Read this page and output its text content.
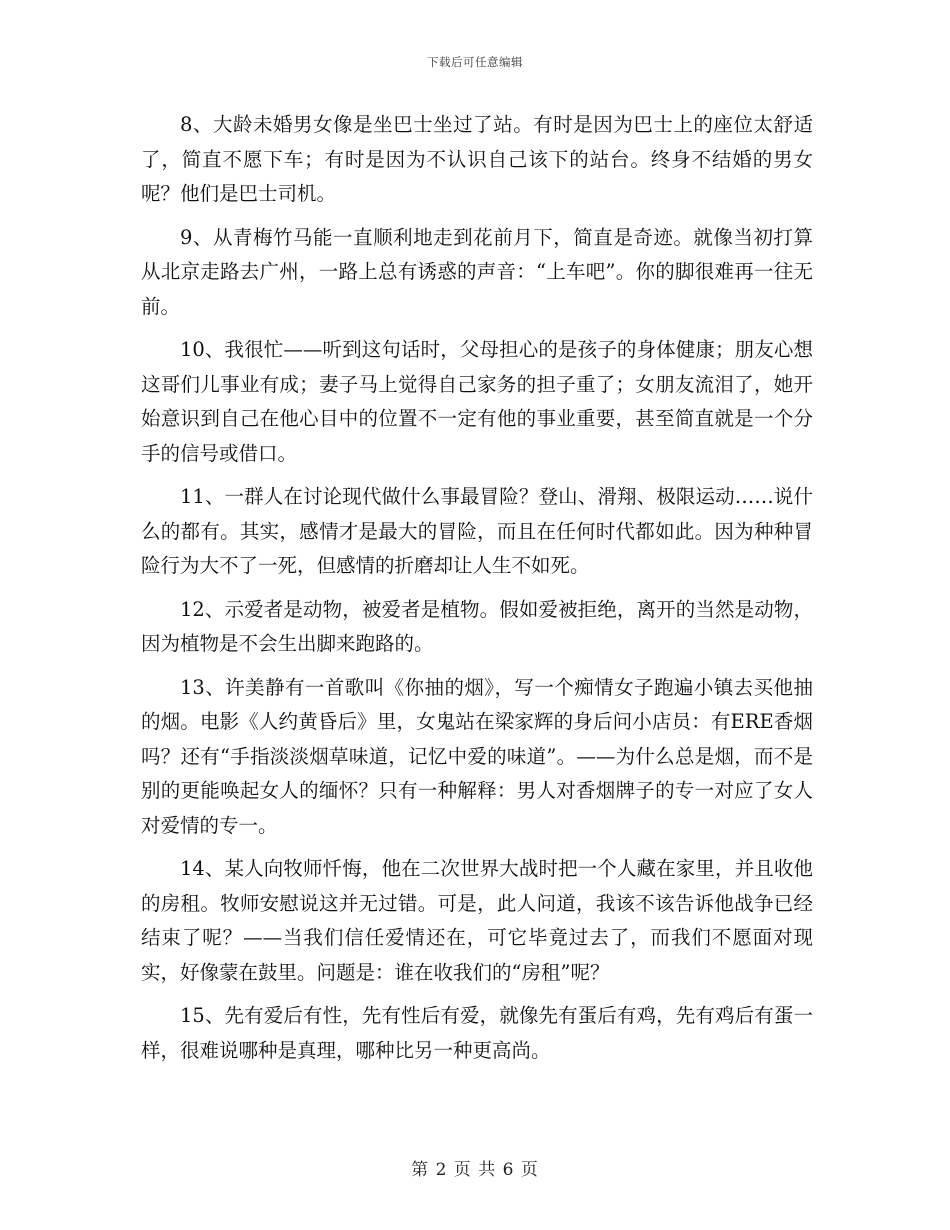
下载后可任意编辑

8、大龄未婚男女像是坐巴士坐过了站。有时是因为巴士上的座位太舒适了，简直不愿下车；有时是因为不认识自己该下的站台。终身不结婚的男女呢？他们是巴士司机。

9、从青梅竹马能一直顺利地走到花前月下，简直是奇迹。就像当初打算从北京走路去广州，一路上总有诱惑的声音：“上车吧”。你的脚很难再一往无前。

10、我很忙——听到这句话时，父母担心的是孩子的身体健康；朋友心想这哥们儿事业有成；妻子马上觉得自己家务的担子重了；女朋友流泪了，她开始意识到自己在他心目中的位置不一定有他的事业重要，甚至简直就是一个分手的信号或借口。

11、一群人在讨论现代做什么事最冒险？登山、滑翔、极限运动……说什么的都有。其实，感情才是最大的冒险，而且在任何时代都如此。因为种种冒险行为大不了一死，但感情的折磨却让人生不如死。

12、示爱者是动物，被爱者是植物。假如爱被拒绝，离开的当然是动物，因为植物是不会生出脚来跑路的。

13、许美静有一首歌叫《你抽的烟》，写一个痴情女子跑遍小镇去买他抽的烟。电影《人约黄昏后》里，女鬼站在梁家辉的身后问小店员：有ERE香烟吗？还有“手指淡淡烟草味道，记忆中爱的味道”。——为什么总是烟，而不是别的更能唤起女人的缅怀？只有一种解释：男人对香烟牌子的专一对应了女人对爱情的专一。

14、某人向牧师忏悔，他在二次世界大战时把一个人藏在家里，并且收他的房租。牧师安慰说这并无过错。可是，此人问道，我该不该告诉他战争已经结束了呢？——当我们信任爱情还在，可它毕竟过去了，而我们不愿面对现实，好像蒙在鼓里。问题是：谁在收我们的“房租”呢？

15、先有爱后有性，先有性后有爱，就像先有蛋后有鸡，先有鸡后有蛋一样，很难说哪种是真理，哪种比另一种更高尚。

第 2 页 共 6 页
